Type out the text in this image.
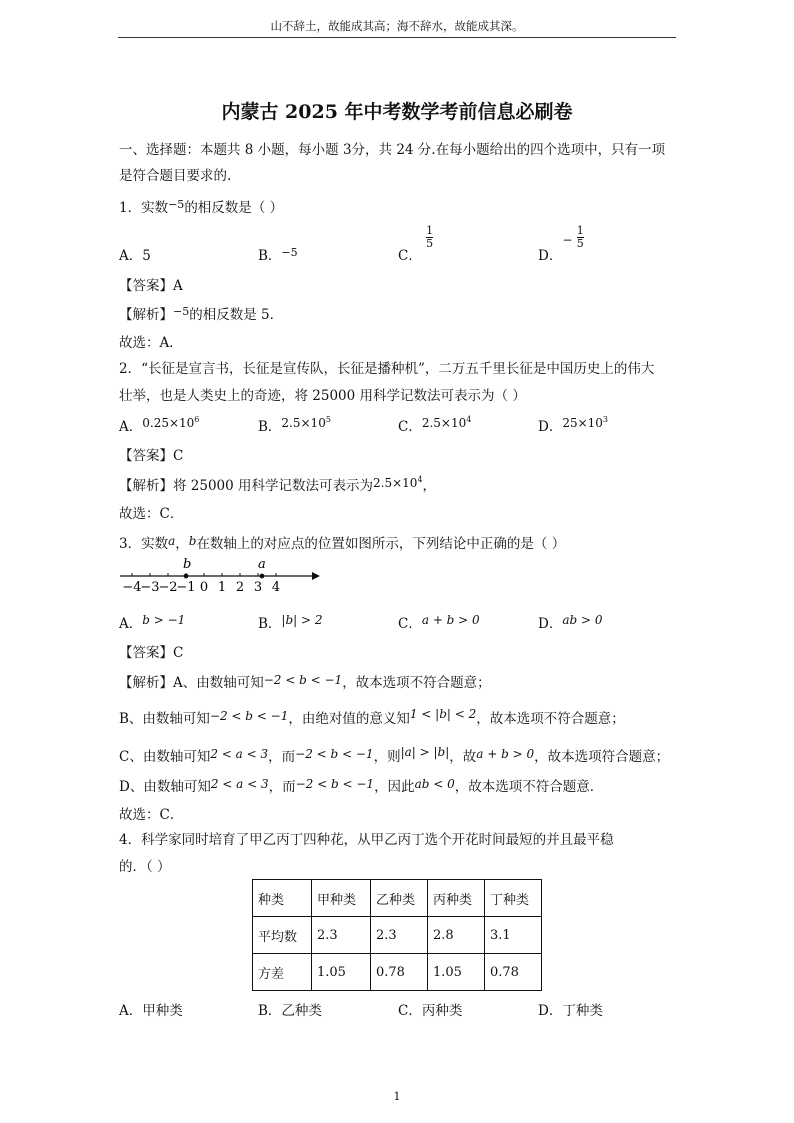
山不辞土，故能成其高；海不辞水，故能成其深。
内蒙古 2025 年中考数学考前信息必刷卷
一、选择题：本题共 8 小题，每小题 3分，共 24 分.在每小题给出的四个选项中，只有一项
是符合题目要求的.
1．实数$^{-5}$的相反数是（ ）
A．5	B．$^{-5}$	C．
$\frac{1}{5}$
D．− $\frac{1}{5}$
【答案】A
【解析】$^{-5}$的相反数是 5．
故选：A．
2．“长征是宣言书，长征是宣传队，长征是播种机”，二万五千里长征是中国历史上的伟大
壮举，也是人类史上的奇迹，将 25000 用科学记数法可表示为（ ）
A．$0.25\times 10^6$	B．$2.5\times 10^5$	C．$2.5\times 10^4$	D．$25\times 10^3$
【答案】C
【解析】将 25000 用科学记数法可表示为$2.5\times 10^4$，
故选：C．
3．实数a，b在数轴上的对应点的位置如图所示，下列结论中正确的是（ ）
−4
−3
−2
−1 0 1 2 3 4
b	a
A．b > −1	B．|b| > 2	C．a + b > 0	D．ab > 0
【答案】C
【解析】A、由数轴可知−2 < b < −1，故本选项不符合题意；
B、由数轴可知−2 < b < −1，由绝对值的意义知1 < |b| < 2，故本选项不符合题意；
C、由数轴可知2 < a < 3，而−2 < b < −1，则|a| > |b|，故a + b > 0，故本选项符合题意；
D、由数轴可知2 < a < 3，而−2 < b < −1，因此ab < 0，故本选项不符合题意．
故选：C．
4．科学家同时培育了甲乙丙丁四种花，从甲乙丙丁选个开花时间最短的并且最平稳
的．（ ）
种类	甲种类	乙种类	丙种类	丁种类
平均数	2.3	2.3	2.8	3.1
方差	1.05	0.78	1.05	0.78
A．甲种类	B．乙种类	C．丙种类	D．丁种类
1
